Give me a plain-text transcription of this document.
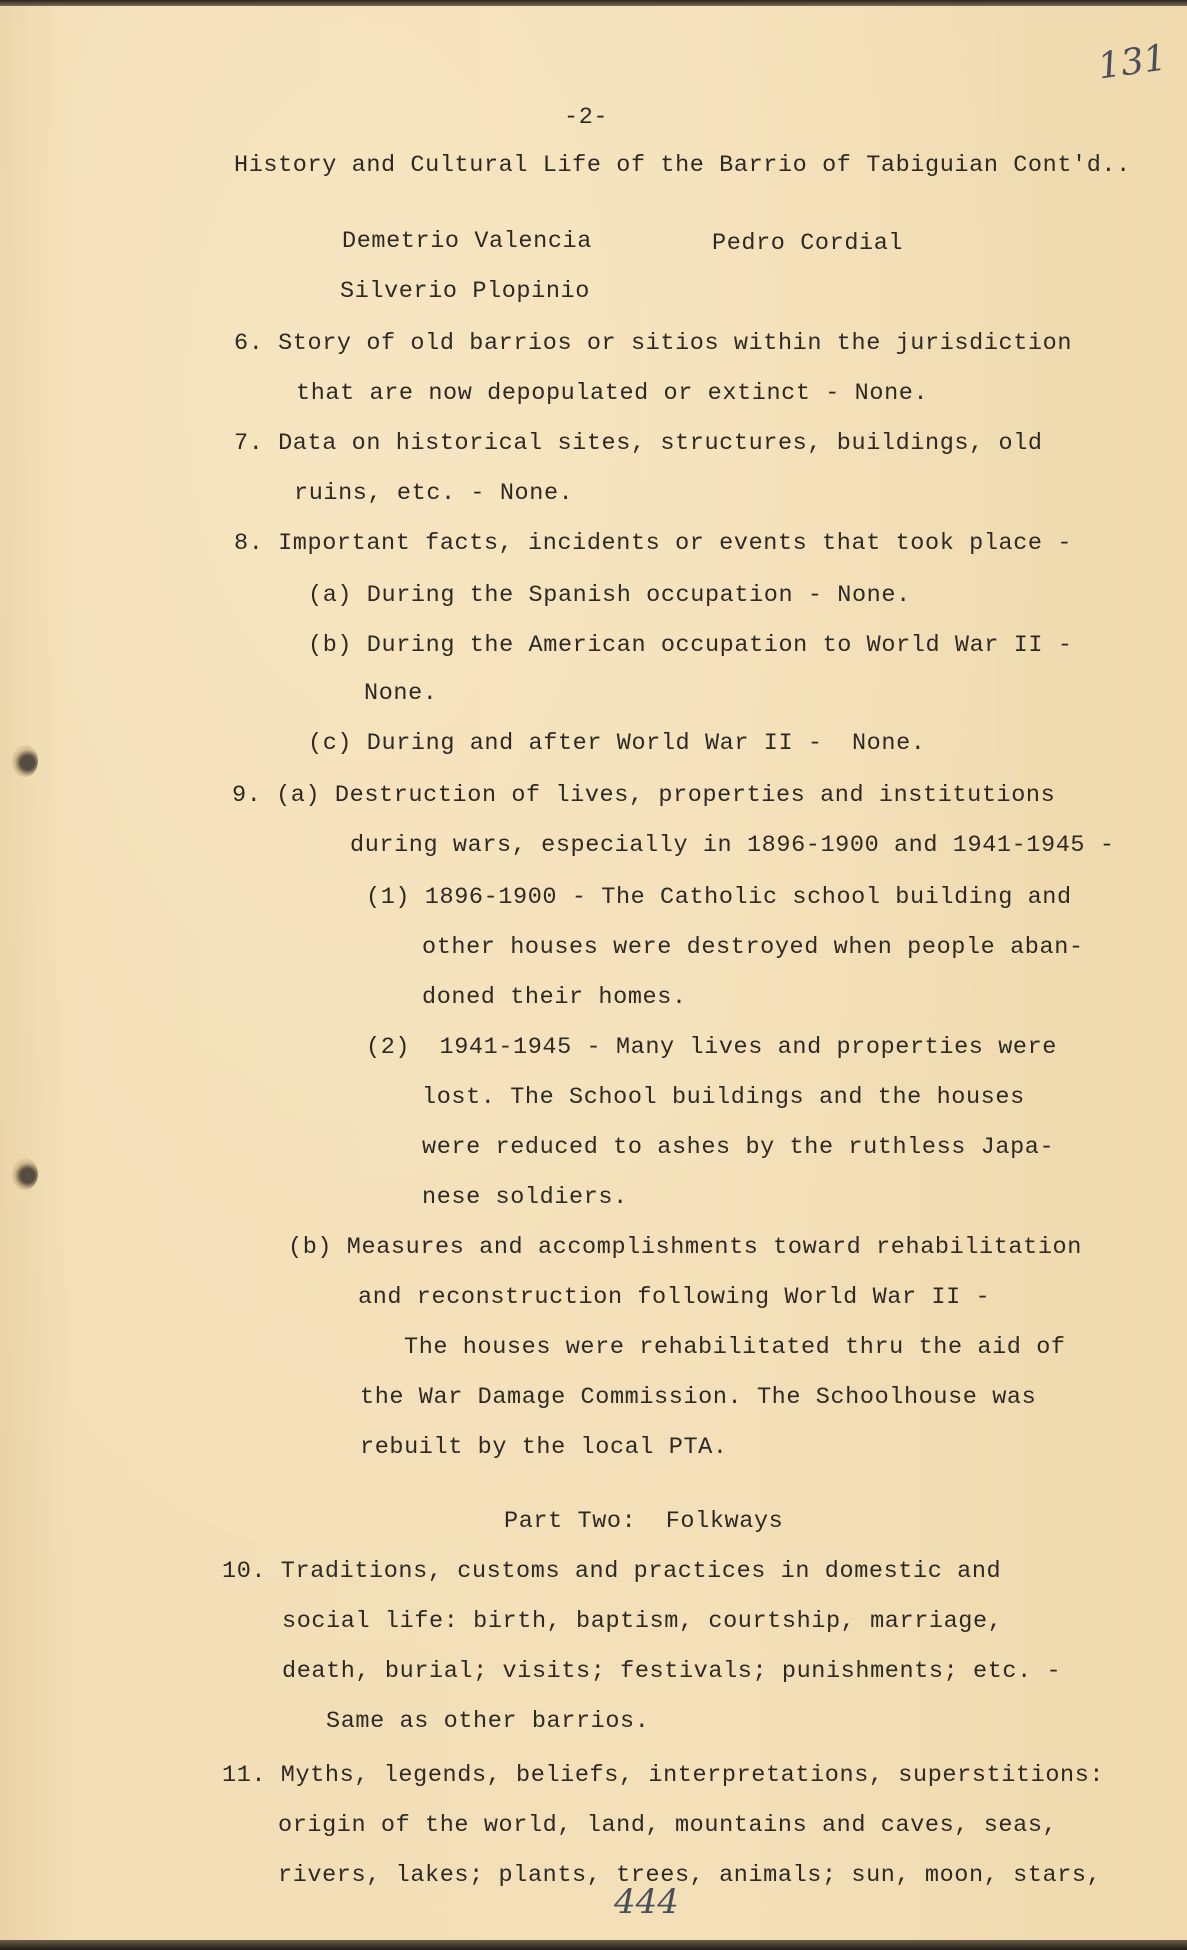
131
-2-
History and Cultural Life of the Barrio of Tabiguian Cont'd..
Demetrio Valencia	Pedro Cordial
Silverio Plopinio
6. Story of old barrios or sitios within the jurisdiction
that are now depopulated or extinct - None.
7. Data on historical sites, structures, buildings, old
ruins, etc. - None.
8. Important facts, incidents or events that took place -
(a) During the Spanish occupation - None.
(b) During the American occupation to World War II -
None.
(c) During and after World War II -  None.
9. (a) Destruction of lives, properties and institutions
during wars, especially in 1896-1900 and 1941-1945 -
(1) 1896-1900 - The Catholic school building and
other houses were destroyed when people aban-
doned their homes.
(2)  1941-1945 - Many lives and properties were
lost. The School buildings and the houses
were reduced to ashes by the ruthless Japa-
nese soldiers.
(b) Measures and accomplishments toward rehabilitation
and reconstruction following World War II -
The houses were rehabilitated thru the aid of
the War Damage Commission. The Schoolhouse was
rebuilt by the local PTA.
Part Two:  Folkways
10. Traditions, customs and practices in domestic and
social life: birth, baptism, courtship, marriage,
death, burial; visits; festivals; punishments; etc. -
Same as other barrios.
11. Myths, legends, beliefs, interpretations, superstitions:
origin of the world, land, mountains and caves, seas,
rivers, lakes; plants, trees, animals; sun, moon, stars,
444
